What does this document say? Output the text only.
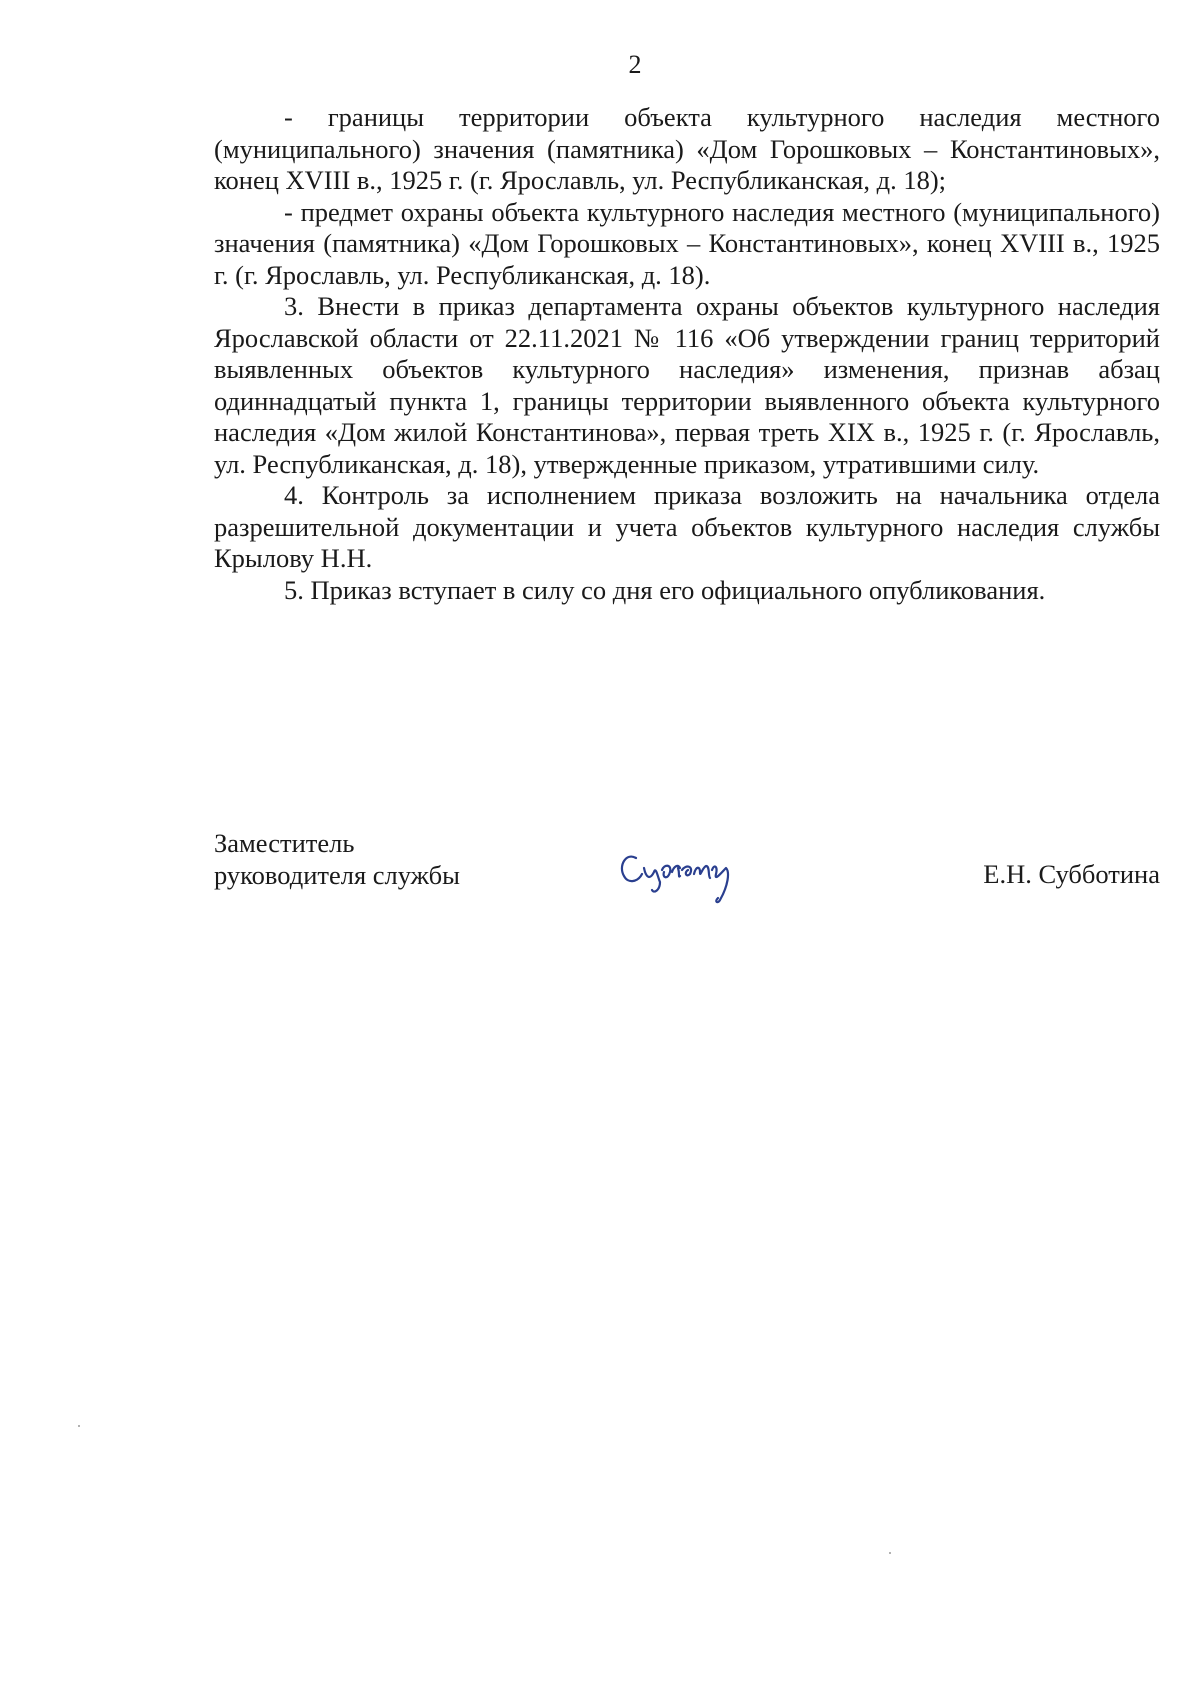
2

- границы территории объекта культурного наследия местного (муниципального) значения (памятника) «Дом Горошковых – Константиновых», конец XVIII в., 1925 г. (г. Ярославль, ул. Республиканская, д. 18);

- предмет охраны объекта культурного наследия местного (муниципального) значения (памятника) «Дом Горошковых – Константиновых», конец XVIII в., 1925 г. (г. Ярославль, ул. Республиканская, д. 18).

3. Внести в приказ департамента охраны объектов культурного наследия Ярославской области от 22.11.2021 № 116 «Об утверждении границ территорий выявленных объектов культурного наследия» изменения, признав абзац одиннадцатый пункта 1, границы территории выявленного объекта культурного наследия «Дом жилой Константинова», первая треть XIX в., 1925 г. (г. Ярославль, ул. Республиканская, д. 18), утвержденные приказом, утратившими силу.

4. Контроль за исполнением приказа возложить на начальника отдела разрешительной документации и учета объектов культурного наследия службы Крылову Н.Н.

5. Приказ вступает в силу со дня его официального опубликования.

Заместитель
руководителя службы	Е.Н. Субботина
